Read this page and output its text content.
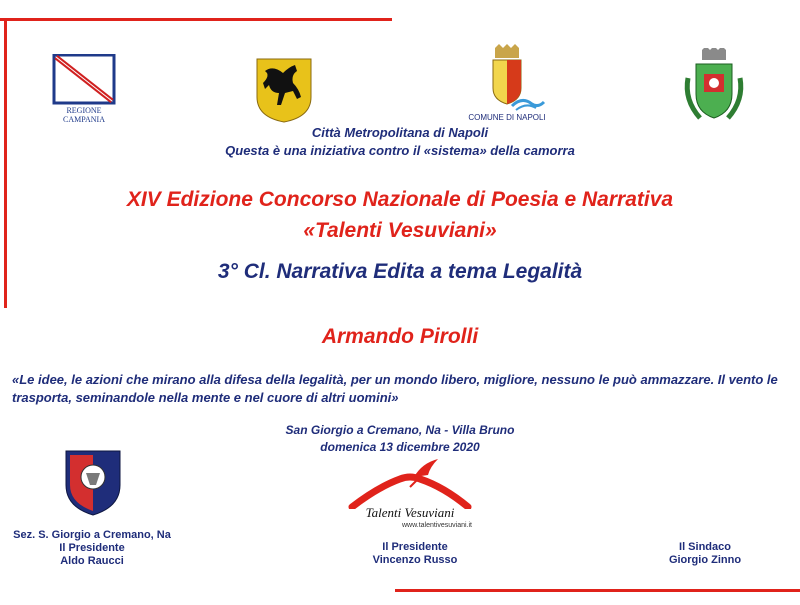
REGIONE CAMPANIA	COMUNE DI NAPOLI
Città Metropolitana di Napoli
Questa è una iniziativa contro il «sistema» della camorra
XIV Edizione Concorso Nazionale di Poesia e Narrativa
«Talenti Vesuviani»
3° Cl. Narrativa Edita a tema Legalità
Armando Pirolli
«Le idee, le azioni che mirano alla difesa della legalità, per un mondo libero, migliore, nessuno le può ammazzare. Il vento le trasporta, seminandole nella mente e nel cuore di altri uomini»
San Giorgio a Cremano, Na - Villa Bruno
domenica 13 dicembre 2020
Talenti Vesuviani
www.talentivesuviani.it
Sez. S. Giorgio a Cremano, Na
Il Presidente
Aldo Raucci
Il Presidente
Vincenzo Russo
Il Sindaco
Giorgio Zinno
